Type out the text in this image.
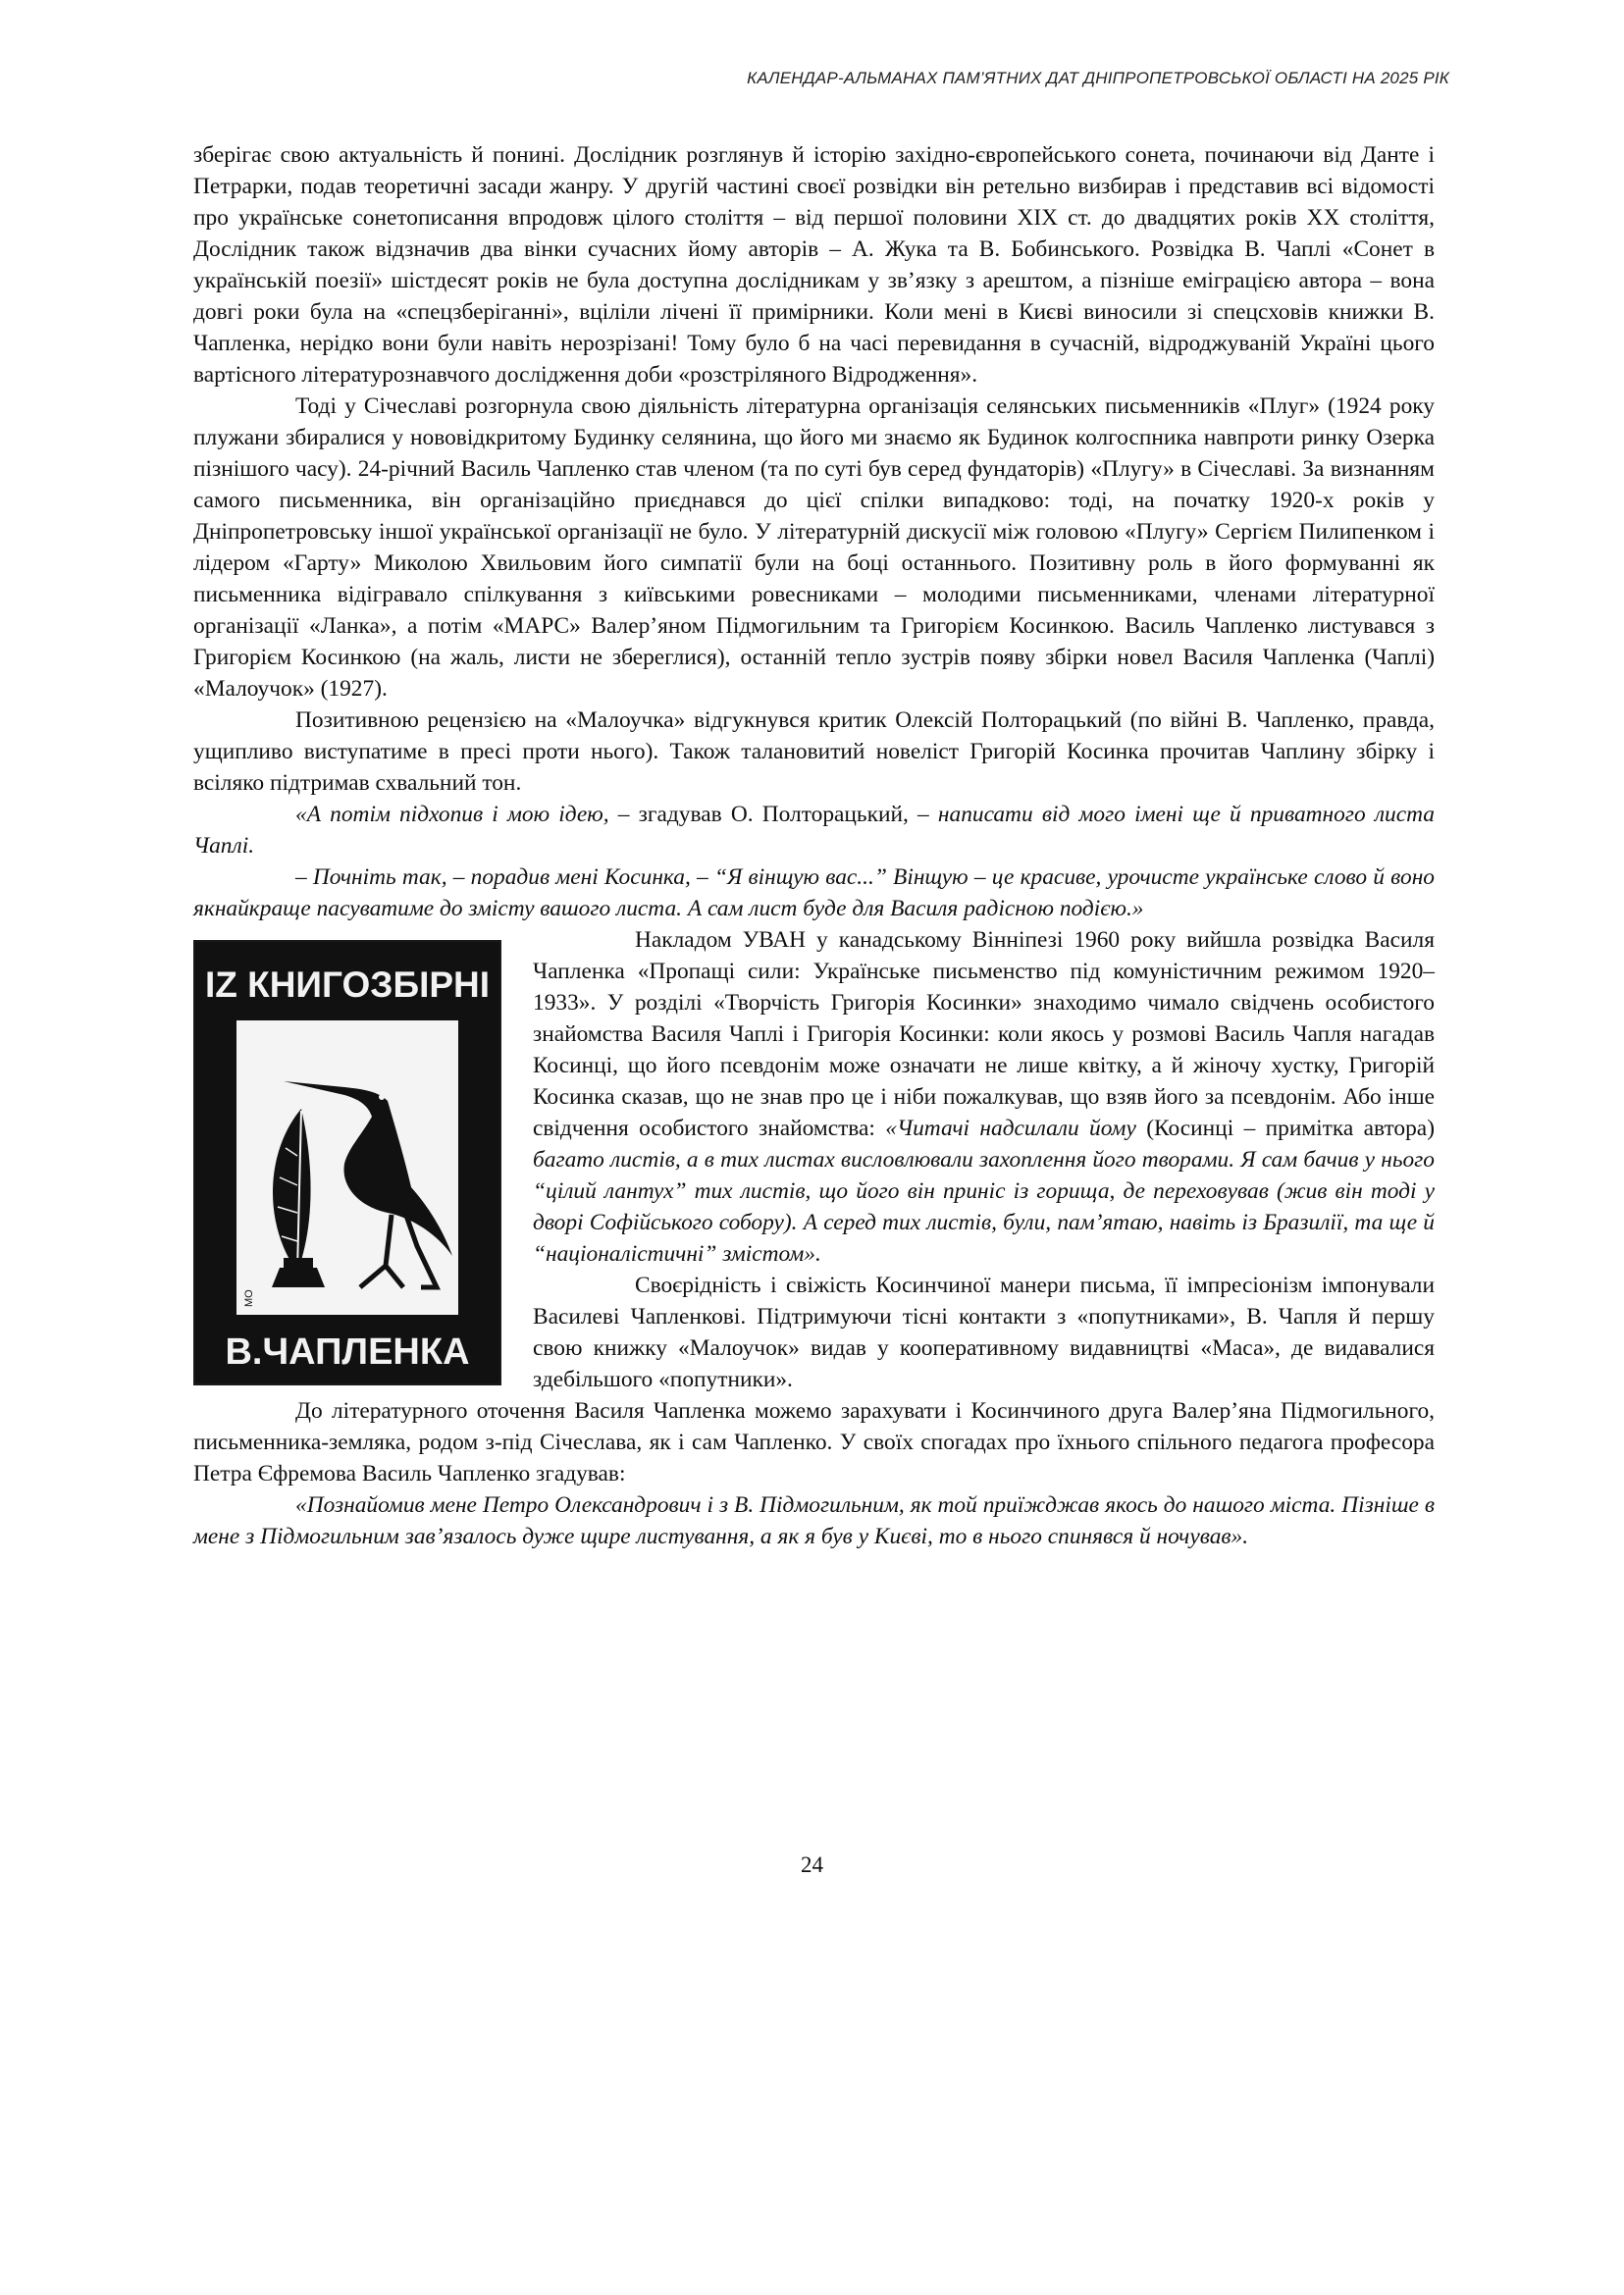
КАЛЕНДАР-АЛЬМАНАХ ПАМ’ЯТНИХ ДАТ ДНІПРОПЕТРОВСЬКОЇ ОБЛАСТІ НА 2025 РІК

зберігає свою актуальність й понині. Дослідник розглянув й історію західно-європейського сонета, починаючи від Данте і Петрарки, подав теоретичні засади жанру. У другій частині своєї розвідки він ретельно визбирав і представив всі відомості про українське сонетописання впродовж цілого століття – від першої половини ХІХ ст. до двадцятих років ХХ століття, Дослідник також відзначив два вінки сучасних йому авторів – А. Жука та В. Бобинського. Розвідка В. Чаплі «Сонет в українській поезії» шістдесят років не була доступна дослідникам у зв’язку з арештом, а пізніше еміграцією автора – вона довгі роки була на «спецзберіганні», вціліли лічені її примірники. Коли мені в Києві виносили зі спецсховів книжки В. Чапленка, нерідко вони були навіть нерозрізані! Тому було б на часі перевидання в сучасній, відроджуваній Україні цього вартісного літературознавчого дослідження доби «розстріляного Відродження».

Тоді у Січеславі розгорнула свою діяльність літературна організація селянських письменників «Плуг» (1924 року плужани збиралися у нововідкритому Будинку селянина, що його ми знаємо як Будинок колгоспника навпроти ринку Озерка пізнішого часу). 24-річний Василь Чапленко став членом (та по суті був серед фундаторів) «Плугу» в Січеславі. За визнанням самого письменника, він організаційно приєднався до цієї спілки випадково: тоді, на початку 1920-х років у Дніпропетровську іншої української організації не було. У літературній дискусії між головою «Плугу» Сергієм Пилипенком і лідером «Гарту» Миколою Хвильовим його симпатії були на боці останнього. Позитивну роль в його формуванні як письменника відігравало спілкування з київськими ровесниками – молодими письменниками, членами літературної організації «Ланка», а потім «МАРС» Валер’яном Підмогильним та Григорієм Косинкою. Василь Чапленко листувався з Григорієм Косинкою (на жаль, листи не збереглися), останній тепло зустрів появу збірки новел Василя Чапленка (Чаплі) «Малоучок» (1927).

Позитивною рецензією на «Малоучка» відгукнувся критик Олексій Полторацький (по війні В. Чапленко, правда, ущипливо виступатиме в пресі проти нього). Також талановитий новеліст Григорій Косинка прочитав Чаплину збірку і всіляко підтримав схвальний тон.

«А потім підхопив і мою ідею, – згадував О. Полторацький, – написати від мого імені ще й приватного листа Чаплі.

– Почніть так, – порадив мені Косинка, – “Я вінщую вас...” Вінщую – це красиве, урочисте українське слово й воно якнайкраще пасуватиме до змісту вашого листа. А сам лист буде для Василя радісною подією.»

IZ КНИГОЗБІРНІ
МО
В.ЧАПЛЕНКА

Накладом УВАН у канадському Вінніпезі 1960 року вийшла розвідка Василя Чапленка «Пропащі сили: Українське письменство під комуністичним режимом 1920–1933». У розділі «Творчість Григорія Косинки» знаходимо чимало свідчень особистого знайомства Василя Чаплі і Григорія Косинки: коли якось у розмові Василь Чапля нагадав Косинці, що його псевдонім може означати не лише квітку, а й жіночу хустку, Григорій Косинка сказав, що не знав про це і ніби пожалкував, що взяв його за псевдонім. Або інше свідчення особистого знайомства: «Читачі надсилали йому (Косинці – примітка автора) багато листів, а в тих листах висловлювали захоплення його творами. Я сам бачив у нього “цілий лантух” тих листів, що його він приніс із горища, де переховував (жив він тоді у дворі Софійського собору). А серед тих листів, були, пам’ятаю, навіть із Бразилії, та ще й “націоналістичні” змістом».

Своєрідність і свіжість Косинчиної манери письма, її імпресіонізм імпонували Василеві Чапленкові. Підтримуючи тісні контакти з «попутниками», В. Чапля й першу свою книжку «Малоучок» видав у кооперативному видавництві «Маса», де видавалися здебільшого «попутники».

До літературного оточення Василя Чапленка можемо зарахувати і Косинчиного друга Валер’яна Підмогильного, письменника-земляка, родом з-під Січеслава, як і сам Чапленко. У своїх спогадах про їхнього спільного педагога професора Петра Єфремова Василь Чапленко згадував:

«Познайомив мене Петро Олександрович і з В. Підмогильним, як той приїжджав якось до нашого міста. Пізніше в мене з Підмогильним зав’язалось дуже щире листування, а як я був у Києві, то в нього спинявся й ночував».

24
